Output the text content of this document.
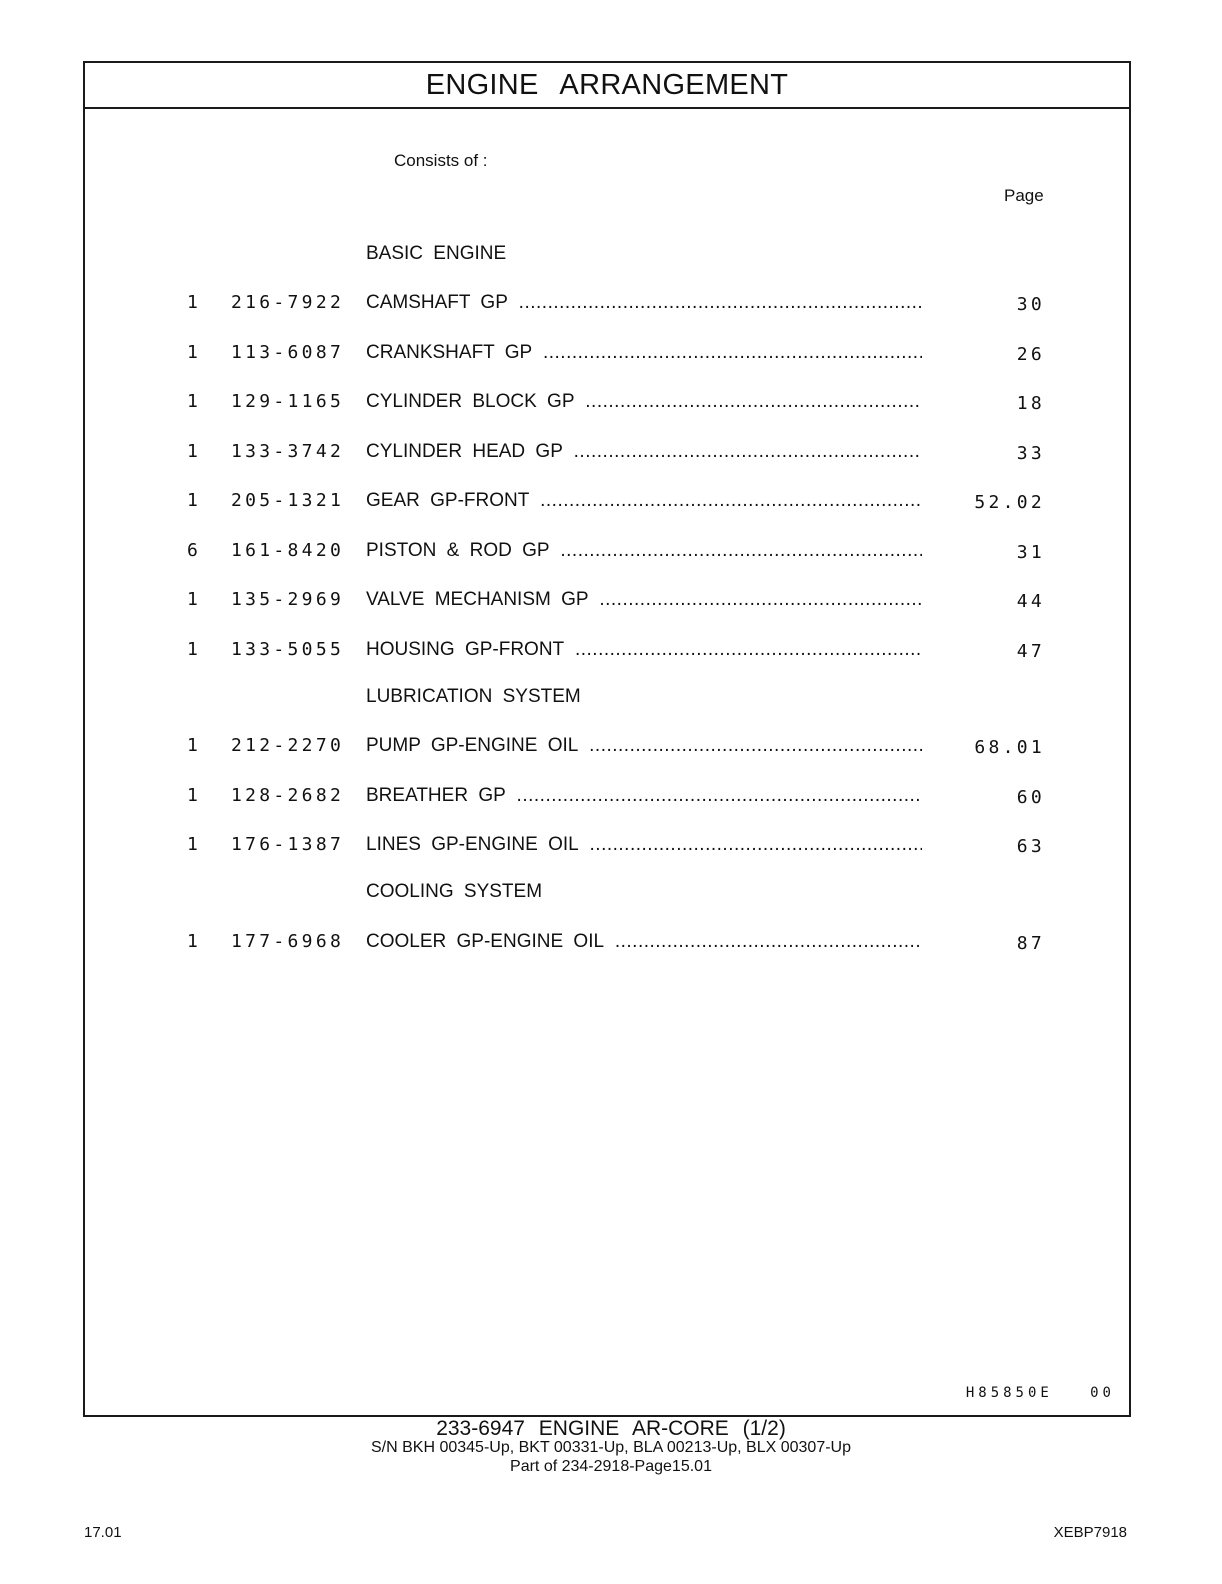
ENGINE ARRANGEMENT
Consists of :
Page
BASIC ENGINE
1 216-7922 CAMSHAFT GP .....	30
1 113-6087 CRANKSHAFT GP .....	26
1 129-1165 CYLINDER BLOCK GP .....	18
1 133-3742 CYLINDER HEAD GP .....	33
1 205-1321 GEAR GP-FRONT .....	52.02
6 161-8420 PISTON & ROD GP .....	31
1 135-2969 VALVE MECHANISM GP .....	44
1 133-5055 HOUSING GP-FRONT .....	47
LUBRICATION SYSTEM
1 212-2270 PUMP GP-ENGINE OIL .....	68.01
1 128-2682 BREATHER GP .....	60
1 176-1387 LINES GP-ENGINE OIL .....	63
COOLING SYSTEM
1 177-6968 COOLER GP-ENGINE OIL .....	87
H85850E   00
233-6947 ENGINE AR-CORE (1/2)
S/N BKH 00345-Up, BKT 00331-Up, BLA 00213-Up, BLX 00307-Up
Part of 234-2918-Page15.01
17.01	XEBP7918
